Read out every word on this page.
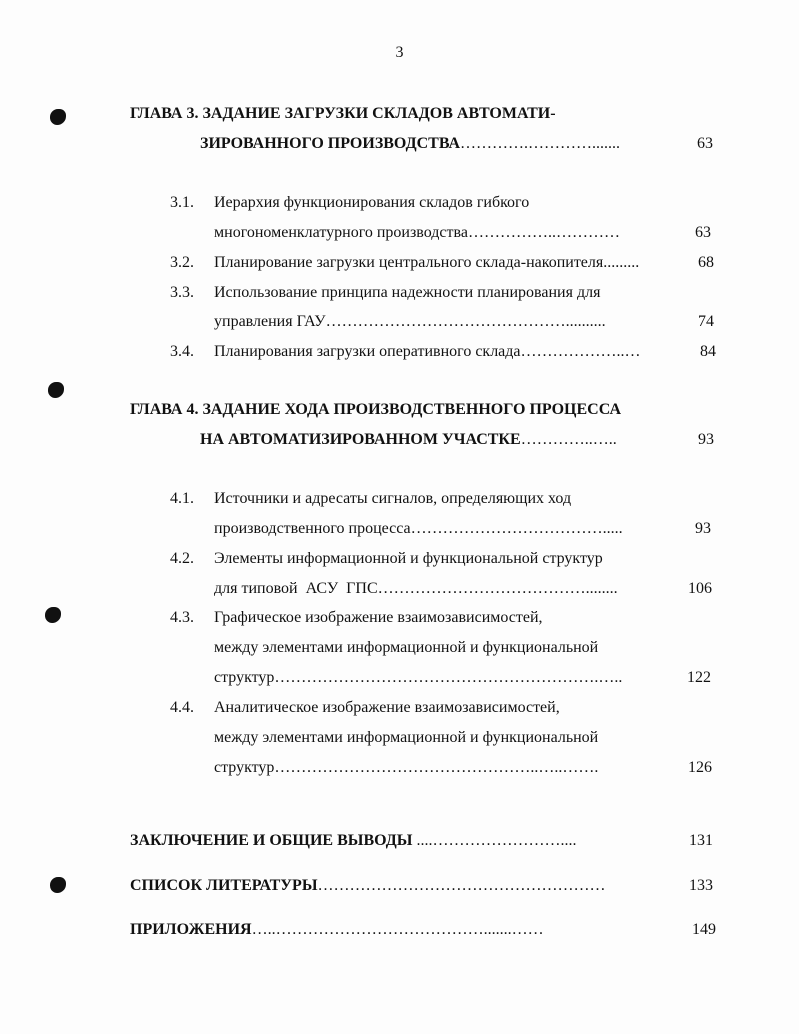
3
ГЛАВА 3. ЗАДАНИЕ ЗАГРУЗКИ СКЛАДОВ АВТОМАТИ-
ЗИРОВАННОГО ПРОИЗВОДСТВА………….………….......	63
3.1. Иерархия функционирования складов гибкого
многономенклатурного производства……………..…………	63
3.2. Планирование загрузки центрального склада-накопителя.........	68
3.3. Использование принципа надежности планирования для
управления ГАУ………………………………………..........	74
3.4. Планирования загрузки оперативного склада………………..…	84
ГЛАВА 4. ЗАДАНИЕ ХОДА ПРОИЗВОДСТВЕННОГО ПРОЦЕССА
НА АВТОМАТИЗИРОВАННОМ УЧАСТКЕ…………..…..	93
4.1. Источники и адресаты сигналов, определяющих ход
производственного процесса……………………………….....	93
4.2. Элементы информационной и функциональной структур
для типовой  АСУ  ГПС…………………………………........	106
4.3. Графическое изображение взаимозависимостей,
между элементами информационной и функциональной
структур…………………………………………………….…..	122
4.4. Аналитическое изображение взаимозависимостей,
между элементами информационной и функциональной
структур…………………………………………..…..…….	126
ЗАКЛЮЧЕНИЕ И ОБЩИЕ ВЫВОДЫ ....……………………....	131
СПИСОК ЛИТЕРАТУРЫ………………………………………………	133
ПРИЛОЖЕНИЯ…..………………………………….......……	149
